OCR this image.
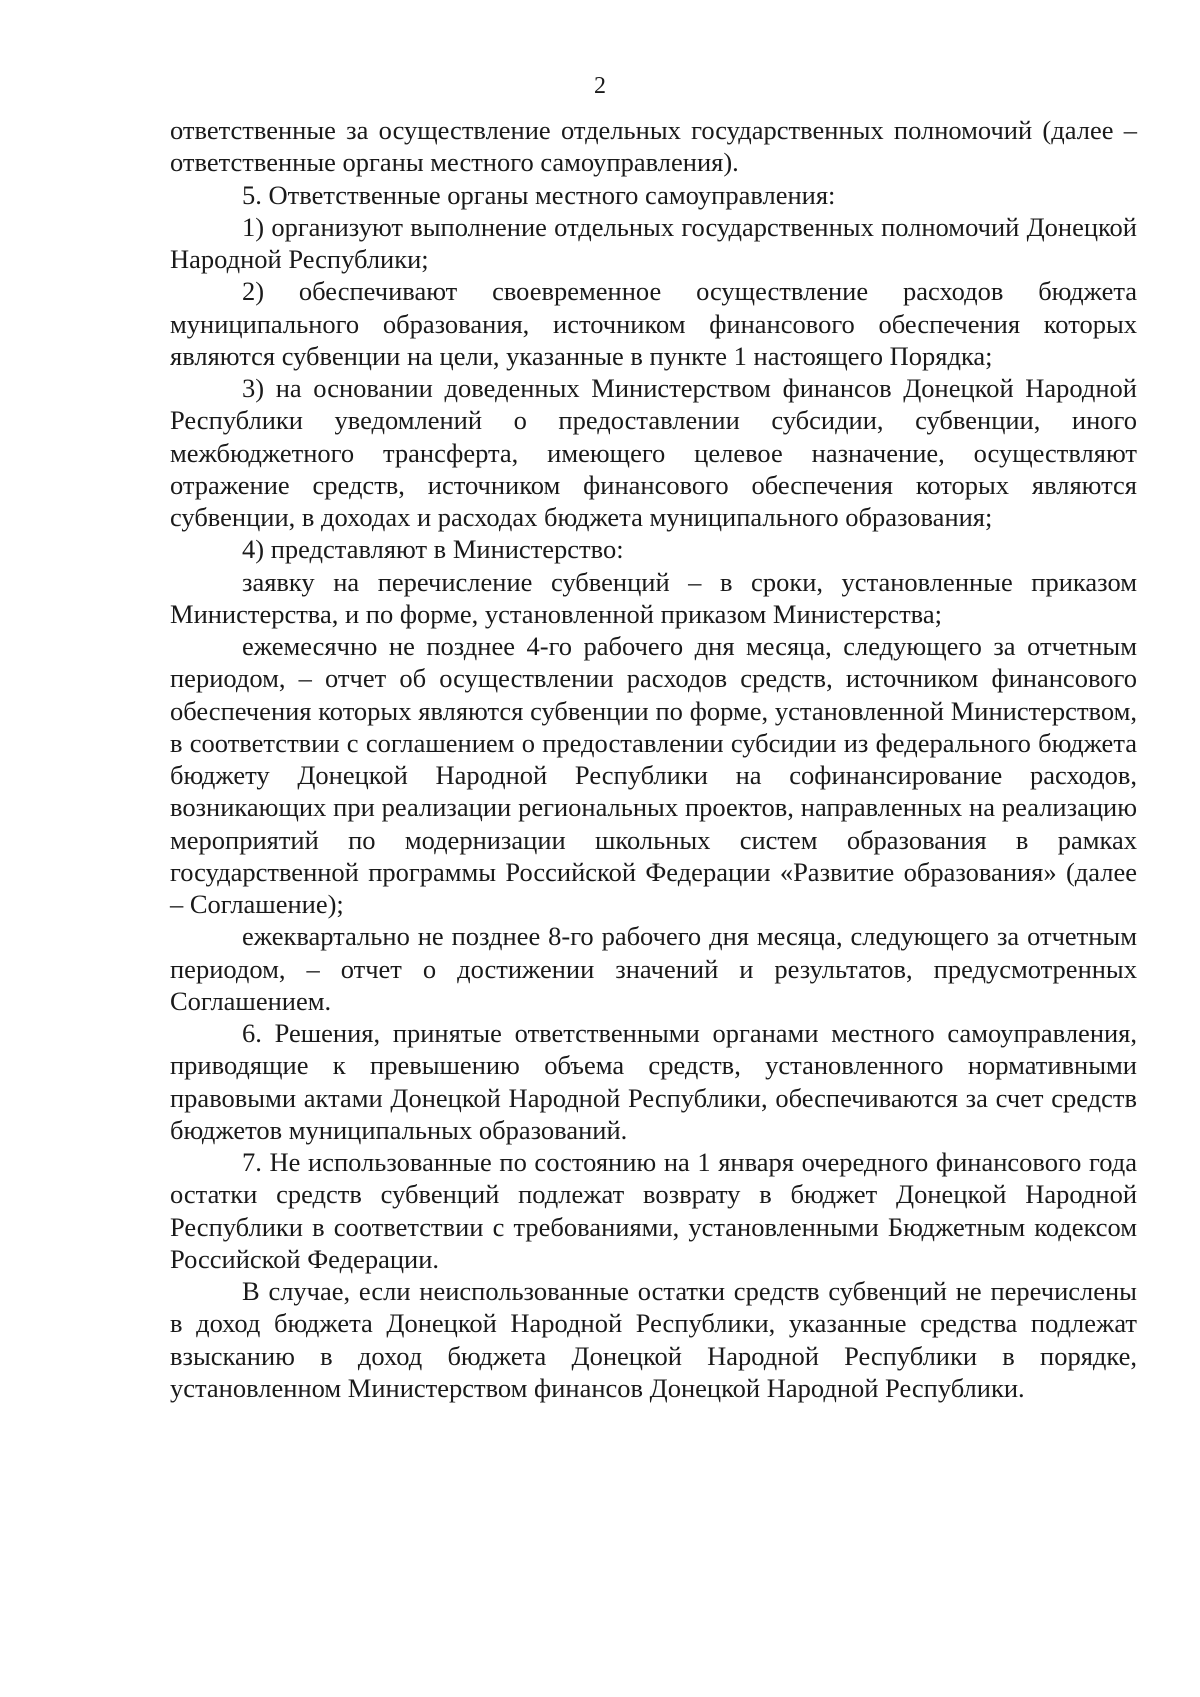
2

ответственные за осуществление отдельных государственных полномочий (далее – ответственные органы местного самоуправления).

5. Ответственные органы местного самоуправления:

1) организуют выполнение отдельных государственных полномочий Донецкой Народной Республики;

2) обеспечивают своевременное осуществление расходов бюджета муниципального образования, источником финансового обеспечения которых являются субвенции на цели, указанные в пункте 1 настоящего Порядка;

3) на основании доведенных Министерством финансов Донецкой Народной Республики уведомлений о предоставлении субсидии, субвенции, иного межбюджетного трансферта, имеющего целевое назначение, осуществляют отражение средств, источником финансового обеспечения которых являются субвенции, в доходах и расходах бюджета муниципального образования;

4) представляют в Министерство:

заявку на перечисление субвенций – в сроки, установленные приказом Министерства, и по форме, установленной приказом Министерства;

ежемесячно не позднее 4-го рабочего дня месяца, следующего за отчетным периодом, – отчет об осуществлении расходов средств, источником финансового обеспечения которых являются субвенции по форме, установленной Министерством, в соответствии с соглашением о предоставлении субсидии из федерального бюджета бюджету Донецкой Народной Республики на софинансирование расходов, возникающих при реализации региональных проектов, направленных на реализацию мероприятий по модернизации школьных систем образования в рамках государственной программы Российской Федерации «Развитие образования» (далее – Соглашение);

ежеквартально не позднее 8-го рабочего дня месяца, следующего за отчетным периодом, – отчет о достижении значений и результатов, предусмотренных Соглашением.

6. Решения, принятые ответственными органами местного самоуправления, приводящие к превышению объема средств, установленного нормативными правовыми актами Донецкой Народной Республики, обеспечиваются за счет средств бюджетов муниципальных образований.

7. Не использованные по состоянию на 1 января очередного финансового года остатки средств субвенций подлежат возврату в бюджет Донецкой Народной Республики в соответствии с требованиями, установленными Бюджетным кодексом Российской Федерации.

В случае, если неиспользованные остатки средств субвенций не перечислены в доход бюджета Донецкой Народной Республики, указанные средства подлежат взысканию в доход бюджета Донецкой Народной Республики в порядке, установленном Министерством финансов Донецкой Народной Республики.
